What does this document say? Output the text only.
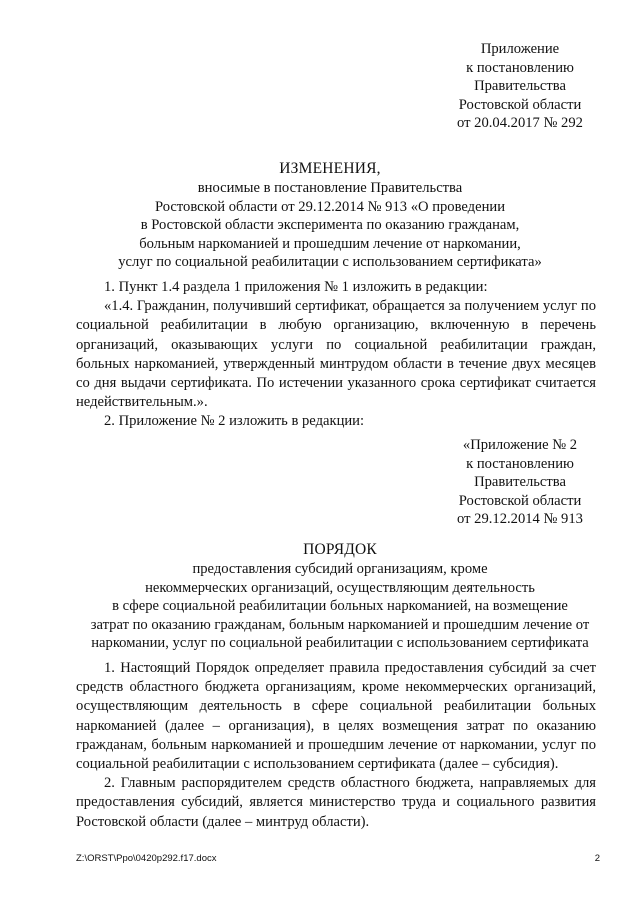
Приложение
к постановлению
Правительства
Ростовской области
от 20.04.2017 № 292
ИЗМЕНЕНИЯ,
вносимые в постановление Правительства
Ростовской области от 29.12.2014 № 913 «О проведении
в Ростовской области эксперимента по оказанию гражданам,
больным наркоманией и прошедшим лечение от наркомании,
услуг по социальной реабилитации с использованием сертификата»
1. Пункт 1.4 раздела 1 приложения № 1 изложить в редакции:
«1.4. Гражданин, получивший сертификат, обращается за получением услуг по социальной реабилитации в любую организацию, включенную в перечень организаций, оказывающих услуги по социальной реабилитации граждан, больных наркоманией, утвержденный минтрудом области в течение двух месяцев со дня выдачи сертификата. По истечении указанного срока сертификат считается недействительным.».
2. Приложение № 2 изложить в редакции:
«Приложение № 2
к постановлению
Правительства
Ростовской области
от 29.12.2014 № 913
ПОРЯДОК
предоставления субсидий организациям, кроме
некоммерческих организаций, осуществляющим деятельность
в сфере социальной реабилитации больных наркоманией, на возмещение
затрат по оказанию гражданам, больным наркоманией и прошедшим лечение от
наркомании, услуг по социальной реабилитации с использованием сертификата
1. Настоящий Порядок определяет правила предоставления субсидий за счет средств областного бюджета организациям, кроме некоммерческих организаций, осуществляющим деятельность в сфере социальной реабилитации больных наркоманией (далее – организация), в целях возмещения затрат по оказанию гражданам, больным наркоманией и прошедшим лечение от наркомании, услуг по социальной реабилитации с использованием сертификата (далее – субсидия).
2. Главным распорядителем средств областного бюджета, направляемых для предоставления субсидий, является министерство труда и социального развития Ростовской области (далее – минтруд области).
Z:\ORST\Ppo\0420p292.f17.docx	2
